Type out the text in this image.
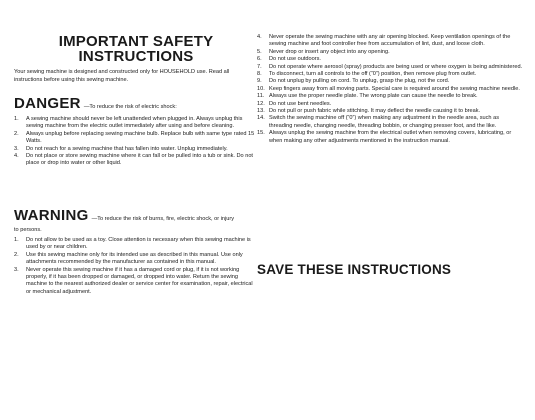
IMPORTANT SAFETY
INSTRUCTIONS
Your sewing machine is designed and constructed only for HOUSEHOLD use. Read all instructions before using this sewing machine.
DANGER —To reduce the risk of electric shock:
1.	A sewing machine should never be left unattended when plugged in. Always unplug this sewing machine from the electric outlet immediately after using and before cleaning.
2.	Always unplug before replacing sewing machine bulb. Replace bulb with same type rated 15 Watts.
3.	Do not reach for a sewing machine that has fallen into water. Unplug immediately.
4.	Do not place or store sewing machine where it can fall or be pulled into a tub or sink. Do not place or drop into water or other liquid.
WARNING —To reduce the risk of burns, fire, electric shock, or injury
to persons.
1.	Do not allow to be used as a toy. Close attention is necessary when this sewing machine is used by or near children.
2.	Use this sewing machine only for its intended use as described in this manual. Use only attachments recommended by the manufacturer as contained in this manual.
3.	Never operate this sewing machine if it has a damaged cord or plug, if it is not working properly, if it has been dropped or damaged, or dropped into water. Return the sewing machine to the nearest authorized dealer or service center for examination, repair, electrical or mechanical adjustment.
4.	Never operate the sewing machine with any air opening blocked. Keep ventilation openings of the sewing machine and foot controller free from accumulation of lint, dust, and loose cloth.
5.	Never drop or insert any object into any opening.
6.	Do not use outdoors.
7.	Do not operate where aerosol (spray) products are being used or where oxygen is being administered.
8.	To disconnect, turn all controls to the off (“0”) position, then remove plug from outlet.
9.	Do not unplug by pulling on cord. To unplug, grasp the plug, not the cord.
10. Keep fingers away from all moving parts. Special care is required around the sewing machine needle.
11. Always use the proper needle plate. The wrong plate can cause the needle to break.
12. Do not use bent needles.
13. Do not pull or push fabric while stitching. It may deflect the needle causing it to break.
14. Switch the sewing machine off (“0”) when making any adjustment in the needle area, such as threading needle, changing needle, threading bobbin, or changing presser foot, and the like.
15. Always unplug the sewing machine from the electrical outlet when removing covers, lubricating, or when making any other adjustments mentioned in the instruction manual.
SAVE THESE INSTRUCTIONS
